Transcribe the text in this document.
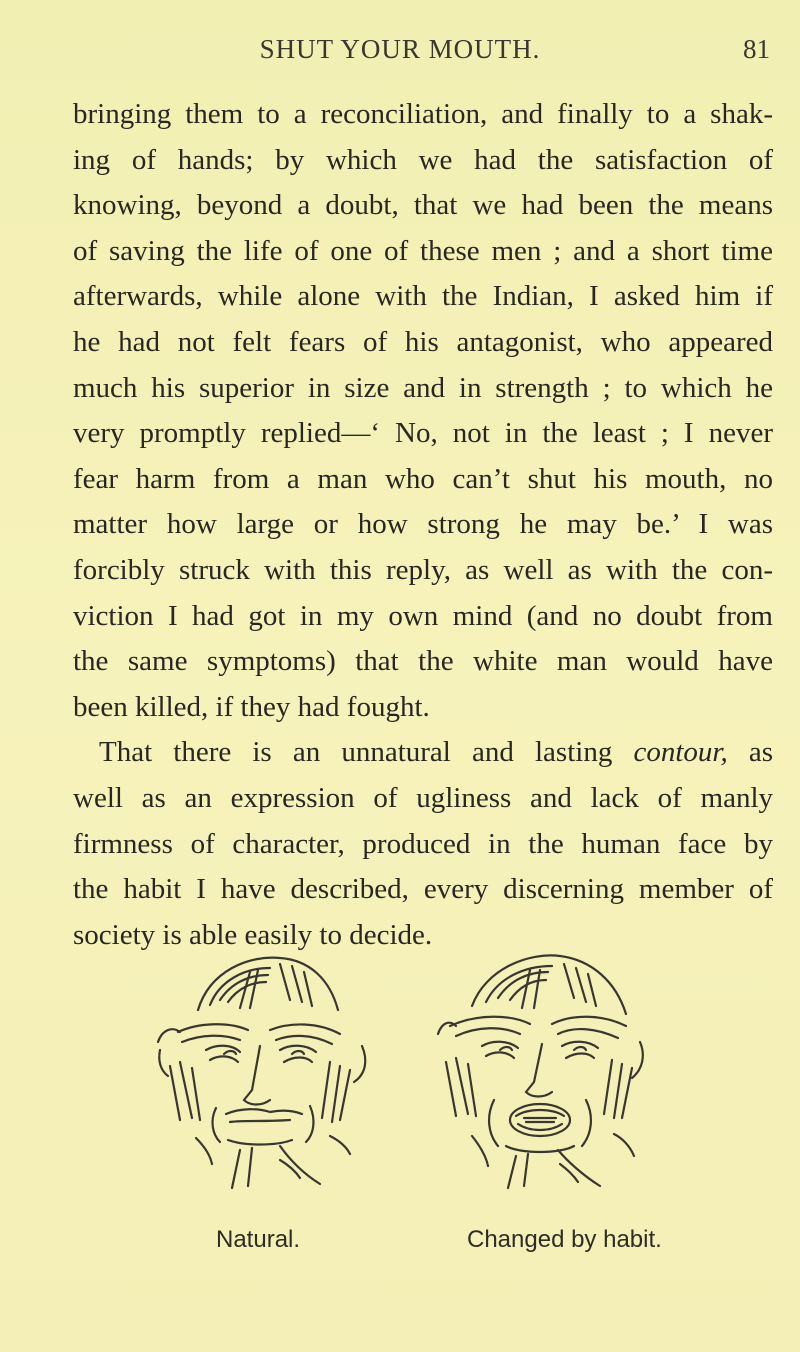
SHUT YOUR MOUTH.	81
bringing them to a reconciliation, and finally to a shak-
ing of hands; by which we had the satisfaction of
knowing, beyond a doubt, that we had been the means
of saving the life of one of these men ; and a short time
afterwards, while alone with the Indian, I asked him if
he had not felt fears of his antagonist, who appeared
much his superior in size and in strength ; to which he
very promptly replied—‘ No, not in the least ; I never
fear harm from a man who can’t shut his mouth, no
matter how large or how strong he may be.’ I was
forcibly struck with this reply, as well as with the con-
viction I had got in my own mind (and no doubt from
the same symptoms) that the white man would have
been killed, if they had fought.
That there is an unnatural and lasting contour, as
well as an expression of ugliness and lack of manly
firmness of character, produced in the human face by
the habit I have described, every discerning member of
society is able easily to decide.
Natural.	Changed by habit.
